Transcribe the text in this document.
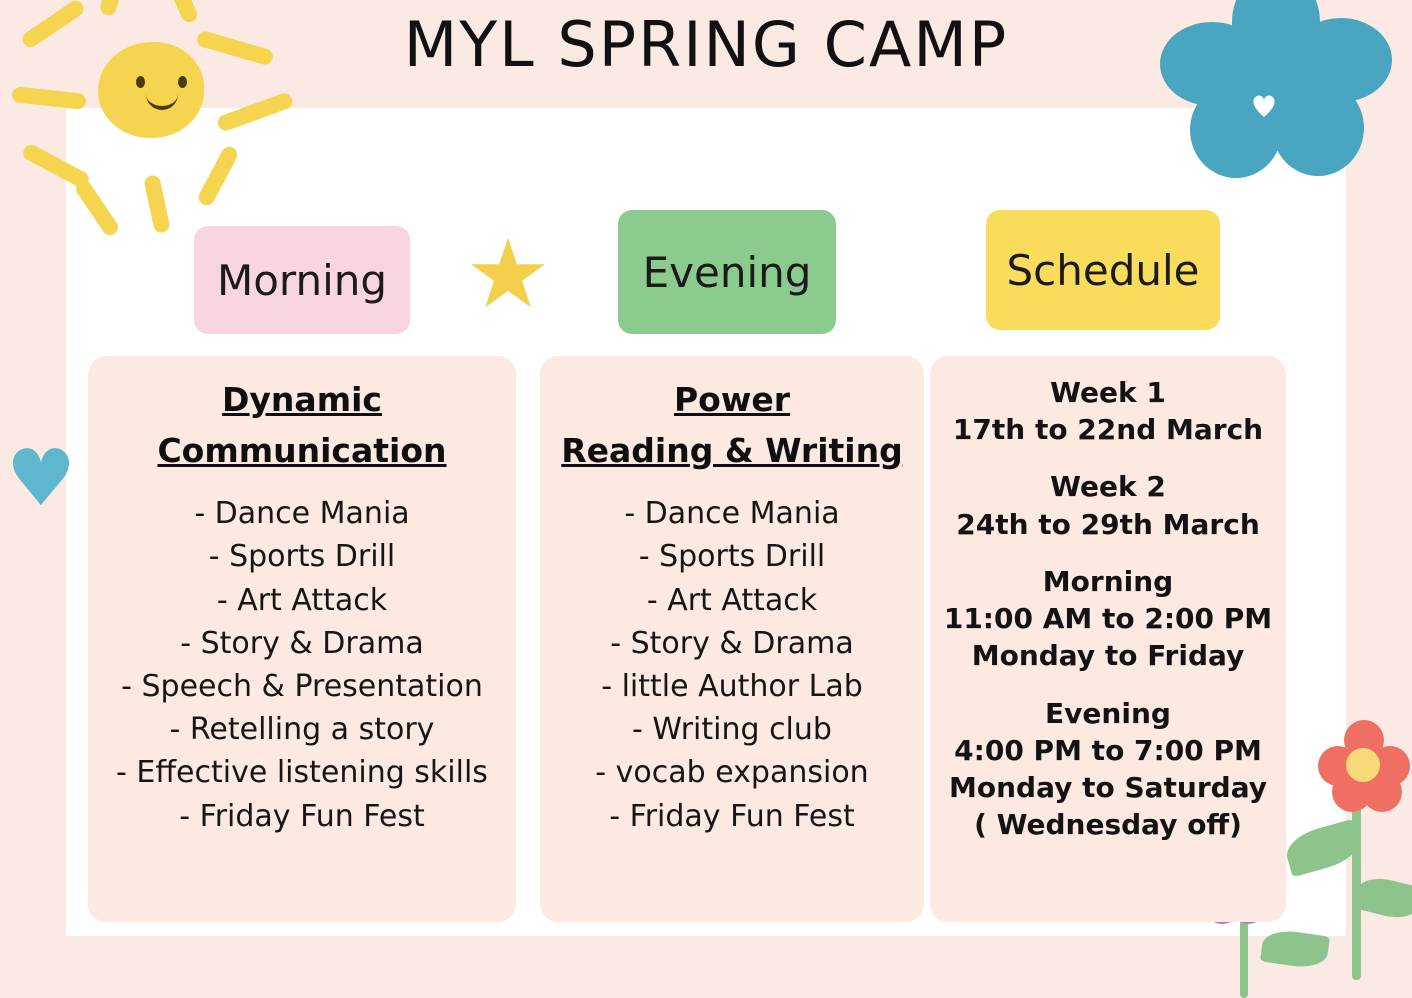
MYL SPRING CAMP
★
♥
Morning	Evening	Schedule
Dynamic
Communication
- Dance Mania
- Sports Drill
- Art Attack
- Story & Drama
- Speech & Presentation
- Retelling a story
- Effective listening skills
- Friday Fun Fest
Power
Reading & Writing
- Dance Mania
- Sports Drill
- Art Attack
- Story & Drama
- little Author Lab
- Writing club
- vocab expansion
- Friday Fun Fest
Week 1
17th to 22nd March
Week 2
24th to 29th March
Morning
11:00 AM to 2:00 PM
Monday to Friday
Evening
4:00 PM to 7:00 PM
Monday to Saturday
( Wednesday off)
